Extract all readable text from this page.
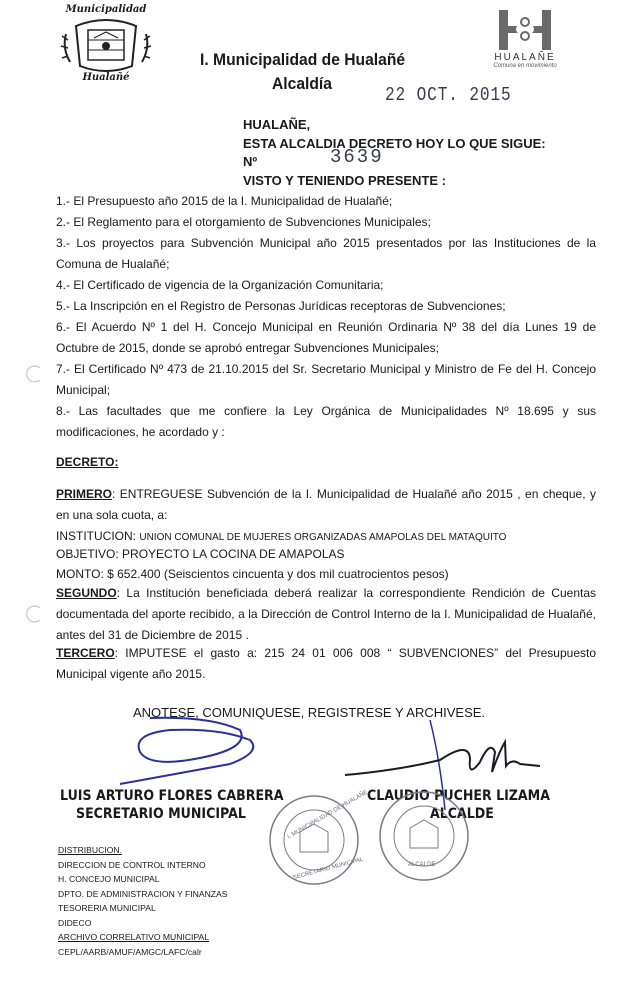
Municipalidad
Hualañé
HUALAÑE
Comuna en movimiento
I. Municipalidad de Hualañé
Alcaldía
22 OCT. 2015
HUALAÑE,
ESTA ALCALDIA DECRETO HOY LO QUE SIGUE:
Nº	3639
VISTO Y TENIENDO PRESENTE :

1.- El Presupuesto año 2015 de la I. Municipalidad de Hualañé;

2.- El Reglamento para el otorgamiento de Subvenciones Municipales;

3.- Los proyectos para Subvención Municipal año 2015 presentados por las Instituciones de la Comuna de Hualañé;

4.- El Certificado de vigencia de la Organización Comunitaria;

5.- La Inscripción en el Registro de Personas Jurídicas receptoras de Subvenciones;

6.- El Acuerdo Nº 1 del H. Concejo Municipal en Reunión Ordinaria Nº 38 del día Lunes 19 de Octubre de 2015, donde se aprobó entregar Subvenciones Municipales;

7.- El Certificado Nº 473 de 21.10.2015 del Sr. Secretario Municipal y Ministro de Fe del H. Concejo Municipal;

8.- Las facultades que me confiere la Ley Orgánica de Municipalidades Nº 18.695 y sus modificaciones, he acordado y :

DECRETO:

PRIMERO: ENTREGUESE Subvención de la I. Municipalidad de Hualañé año 2015 , en cheque, y en una sola cuota, a:

INSTITUCION: UNION COMUNAL DE MUJERES ORGANIZADAS AMAPOLAS DEL MATAQUITO
OBJETIVO: PROYECTO LA COCINA DE AMAPOLAS
MONTO: $ 652.400 (Seiscientos cincuenta y dos mil cuatrocientos pesos)

SEGUNDO: La Institución beneficiada deberá realizar la correspondiente Rendición de Cuentas documentada del aporte recibido, a la Dirección de Control Interno de la I. Municipalidad de Hualañé, antes del 31 de Diciembre de 2015 .

TERCERO: IMPUTESE el gasto a: 215 24 01 006 008 “ SUBVENCIONES” del Presupuesto Municipal vigente año 2015.

ANOTESE, COMUNIQUESE, REGISTRESE Y ARCHIVESE.
LUIS ARTURO FLORES CABRERA
SECRETARIO MUNICIPAL
CLAUDIO PUCHER LIZAMA
ALCALDE
I. MUNICIPALIDAD DE HUALAÑE
SECRETARIO MUNICIPAL	ALCALDE
DISTRIBUCION.
DIRECCION DE CONTROL INTERNO
H. CONCEJO MUNICIPAL
DPTO. DE ADMINISTRACION Y FINANZAS
TESORERIA MUNICIPAL
DIDECO
ARCHIVO CORRELATIVO MUNICIPAL
CEPL/AARB/AMUF/AMGC/LAFC/calr
